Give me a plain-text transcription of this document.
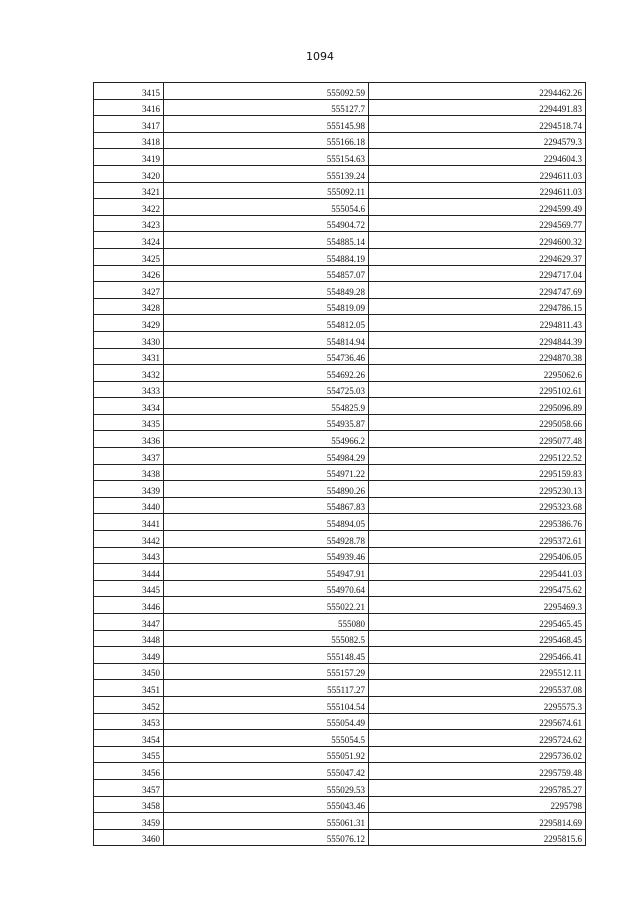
1094
3415	555092.59	2294462.26
3416	555127.7	2294491.83
3417	555145.98	2294518.74
3418	555166.18	2294579.3
3419	555154.63	2294604.3
3420	555139.24	2294611.03
3421	555092.11	2294611.03
3422	555054.6	2294599.49
3423	554904.72	2294569.77
3424	554885.14	2294600.32
3425	554884.19	2294629.37
3426	554857.07	2294717.04
3427	554849.28	2294747.69
3428	554819.09	2294786.15
3429	554812.05	2294811.43
3430	554814.94	2294844.39
3431	554736.46	2294870.38
3432	554692.26	2295062.6
3433	554725.03	2295102.61
3434	554825.9	2295096.89
3435	554935.87	2295058.66
3436	554966.2	2295077.48
3437	554984.29	2295122.52
3438	554971.22	2295159.83
3439	554890.26	2295230.13
3440	554867.83	2295323.68
3441	554894.05	2295386.76
3442	554928.78	2295372.61
3443	554939.46	2295406.05
3444	554947.91	2295441.03
3445	554970.64	2295475.62
3446	555022.21	2295469.3
3447	555080	2295465.45
3448	555082.5	2295468.45
3449	555148.45	2295466.41
3450	555157.29	2295512.11
3451	555117.27	2295537.08
3452	555104.54	2295575.3
3453	555054.49	2295674.61
3454	555054.5	2295724.62
3455	555051.92	2295736.02
3456	555047.42	2295759.48
3457	555029.53	2295785.27
3458	555043.46	2295798
3459	555061.31	2295814.69
3460	555076.12	2295815.6
